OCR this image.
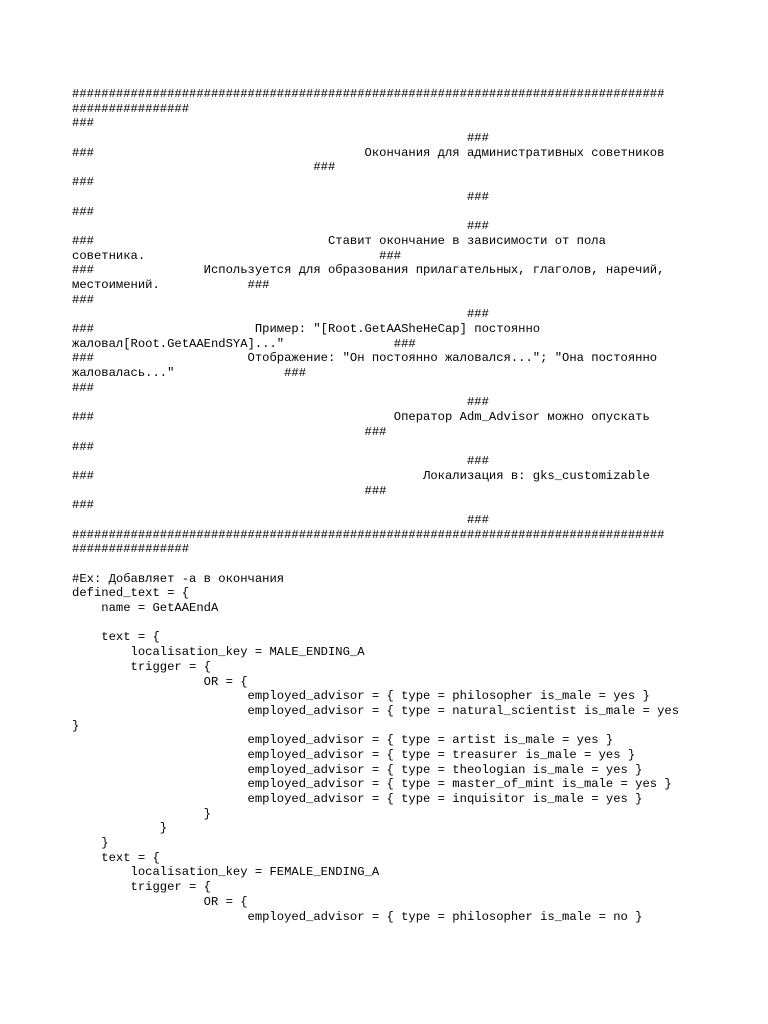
#################################################################################
################
###
###
###                                     Окончания для административных советников
###
###
###
###
###
###                                Ставит окончание в зависимости от пола
советника.                                ###
###               Используется для образования прилагательных, глаголов, наречий,
местоимений.            ###
###
###
###                      Пример: "[Root.GetAASheHeCap] постоянно
жаловал[Root.GetAAEndSYA]..."               ###
###                     Отображение: "Он постоянно жаловался..."; "Она постоянно
жаловалась..."               ###
###
###
###                                         Оператор Adm_Advisor можно опускать
###
###
###
###                                             Локализация в: gks_customizable
###
###
###
#################################################################################
################
#Ex: Добавляет -а в окончания
defined_text = {
name = GetAAEndA
text = {
localisation_key = MALE_ENDING_A
trigger = {
OR = {
employed_advisor = { type = philosopher is_male = yes }
employed_advisor = { type = natural_scientist is_male = yes
}
employed_advisor = { type = artist is_male = yes }
employed_advisor = { type = treasurer is_male = yes }
employed_advisor = { type = theologian is_male = yes }
employed_advisor = { type = master_of_mint is_male = yes }
employed_advisor = { type = inquisitor is_male = yes }
}
}
}
text = {
localisation_key = FEMALE_ENDING_A
trigger = {
OR = {
employed_advisor = { type = philosopher is_male = no }
